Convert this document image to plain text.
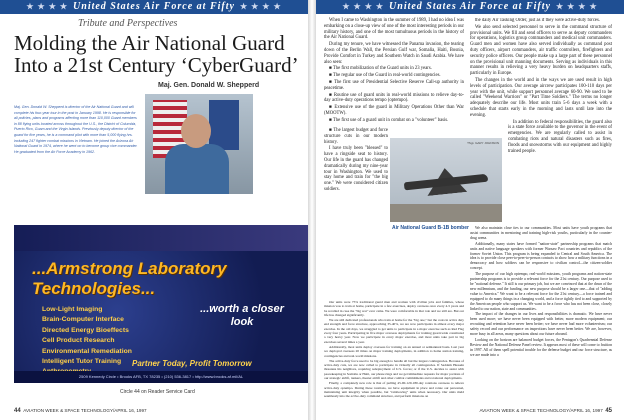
★ ★ ★ ★ United States Air Force at Fifty ★ ★ ★ ★	★ ★ ★ ★ United States Air Force at Fifty ★ ★ ★ ★
Tribute and Perspectives
Molding the Air National Guard
Into a 21st Century ‘CyberGuard’
Maj. Gen. Donald W. Shepperd
Maj. Gen. Donald W. Shepperd is director of the Air National Guard and will complete his four-year tour in the post in January 1998. He is responsible for all policies, plans and programs affecting more than 110,000 Guard members in 88 flying units located across throughout the U.S., the District of Columbia, Puerto Rico, Guam and the Virgin Islands. Previously deputy director of the guard for five years, he is a command pilot with more than 5,000 flying hrs. including 247 fighter combat missions in Vietnam. He joined the Arizona Air National Guard in 1974, where he went on to become group vice commander. He graduated from the Air Force Academy in 1962.
...Armstrong Laboratory Technologies...
Low-Light Imaging
Brain-Computer Interface
Directed Energy Bioeffects
Cell Product Research
Environmental Remediation
Intelligent Tutor Training
...worth a closer look
Partner Today, Profit Tomorrow
2509 Kennedy Circle • Brooks AFB, TX 78235 • (210) 536-3817 • http://www.brooks.af.mil/AL
Circle 44 on Reader Service Card
44 AVIATION WEEK & SPACE TECHNOLOGY/APRIL 16, 1997	AVIATION WEEK & SPACE TECHNOLOGY/APRIL 16, 1997 45

When I came to Washington in the summer of 1989, I had no idea I was embarking on a close-up view of one of the most interesting periods in our military history, and one of the most tumultuous periods in the history of the Air National Guard.

During my tenure, we have witnessed the Panama invasion, the tearing down of the Berlin Wall, the Persian Gulf war, Somalia, Haiti, Bosnia, Provide Comfort in Turkey and Southern Watch in Saudi Arabia. We have also seen:

■ The first mobilization of the Guard units in 23 years.

■ The regular use of the Guard in real-world contingencies.

■ The first use of Presidential Selective Reserve Call-up authority in peacetime.

■ Routine use of guard units in real-world missions to relieve day-to-day active-duty operations tempo (optempo).

■ Extensive use of the guard in Military Operations Other than War (MOOTW).

■ The first use of a guard unit in combat on a "volunteer" basis.

■ The largest budget and force structure cuts in our modern history.

I have truly been "blessed" to have a ringside seat to history. Our life in the guard has changed dramatically during my nine-year tour in Washington. We used to stay home and train for "the big one." We were considered citizen soldiers.

Our units were 75% traditional guard men and women with civilian jobs and families, whose mission was to train at home, participate in a few exercises, deploy overseas once every 4-5 years and be recalled in case the "big war" ever came. We were comfortable in that role and we still are. But our life has changed significantly.

We are still dedicated professionals who train at home for the "big one," but the costs in active duty end strength and force structure, approaching 35-40%, we are now participants in almost every major exercise. In the old days, we struggled to get units to participate in a major exercise such as Red Flag every four years. Participating in five major overseas deployments for training guard-wide constituted a very heavy year. Now we participate in every major exercise, and most units take part in big exercises several times a year.

Additionally, most units deploy overseas for training on an annual or semiannual basis. Last year we deployed overseas 20 times on major training deployments, in addition to home station training, contingencies and real-world missions.

The active-duty force used to be big enough to handle all but the largest contingencies. Because of active-duty cuts, we are now called to participate in virtually all contingencies. If Saddam Hussein threatens his neighbors, requiring redeployment of U.S. forces; or if the U.S. decides to assist with peacekeeping in Somalia or Haiti, our phone rings and we get immediate requests for major portions of our strategic airlift, tankers, theater airlift and other combat commitments and rotational deployments.

Finally, a completely new role is that of pulling 45-90-120-180-day rotations overseas to relieve active-duty optempo. During these rotations, we have equipment in place and rotate our personnel, maintaining unit integrity when possible, but "rainbowing" units when necessary. Our units meld seamlessly into the active-duty command structure, and perform missions on

TSgt. GARY JOHNSON
Air National Guard B-1B bomber

the daily Air Tasking Order, just as if they were active-duty forces.

We also send selected personnel to serve in the command structure of provisional units. We fill and send officers to serve as deputy commanders for operations, logistics group commanders and medical unit commanders. Guard men and women have also served individually as command post duty officers, airport commanders, air traffic controllers, firefighters and security police officers. Our people make up a large part of these personnel on the provisional unit manning documents. Serving as individuals in this manner results in relieving a very heavy burden on headquarters staffs, particularly in Europe.

The changes in the world and in the ways we are used result in high levels of participation. Our average aircrew participates 100-110 days per year with the unit, while support personnel average 60-90. We used to be called "Weekend Warriors" or "Part Time Soldiers." The terms no longer adequately describe our life. Most units train 5-6 days a week with a schedule that starts early in the morning and lasts until late into the evening.

In addition to federal responsibilities, the guard also is a state force available to the governor in the event of emergencies. We are regularly called to assist in combating riots and natural disasters such as fires, floods and snowstorms with our equipment and highly trained people.

We also maintain close ties to our communities. Most units have youth programs that assist communities in mentoring and training high-risk youths, particularly in the counter-drug arena.

Additionally, many states have formed "nation-state" partnership programs that match units and native language speakers with former Warsaw Pact countries and republics of the former Soviet Union. This program is being expanded to Central and South America. The idea is to provide close peer-to-peer-to-person contacts to show how a military functions in a democracy and how soldiers can be responsive to civilian control—the citizen-soldier concept.

The purpose of our high optempo, real-world missions, youth programs and nation-state partnership programs is to provide a relevant force for the 21st century. Our purpose used to be "national defense." It still is our primary job, but we are convinced that at the dawn of the new millennium, and the funding, our new purpose should be a larger one—that of "adding value to America." We want to be a relevant force for the 21st century—a force trained and equipped to do many things in a changing world, and a force tightly tied to and supported by the American people who support us. We want to be a force who has not been close, closely linked to our nation, state and communities.

The impact of the changes in our lives and responsibilities is dramatic. We have never been used more; we have never been equipped with better, more modern equipment; our recruiting and retention have never been better; we have never had more volunteerism; our safety record and our performance on inspections have never been better. We are, however, more busy in all areas, many questions about our future abound.

Looking on the horizon are balanced budget forces, the Pentagon's Quadrennial Defense Review and the National Defense Panel review. It appears most of these will come to fruition in 1997. All of them spell potential trouble for the defense budget and our force structure, as we are made into a
